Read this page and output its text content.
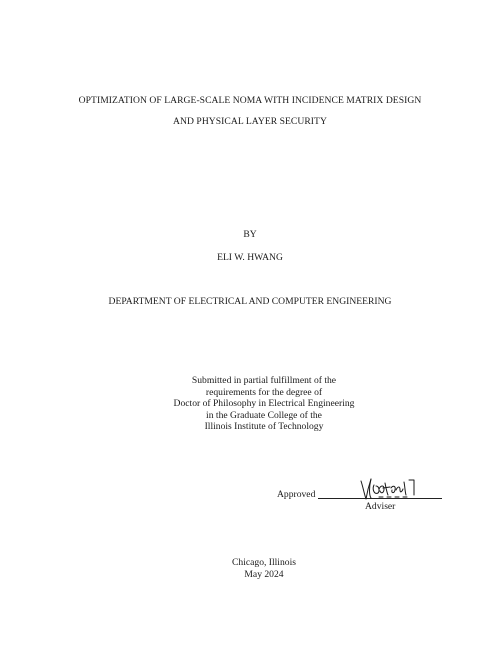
OPTIMIZATION OF LARGE-SCALE NOMA WITH INCIDENCE MATRIX DESIGN
AND PHYSICAL LAYER SECURITY
BY
ELI W. HWANG
DEPARTMENT OF ELECTRICAL AND COMPUTER ENGINEERING
Submitted in partial fulfillment of the
requirements for the degree of
Doctor of Philosophy in Electrical Engineering
in the Graduate College of the
Illinois Institute of Technology
Approved
Adviser
Chicago, Illinois
May 2024
